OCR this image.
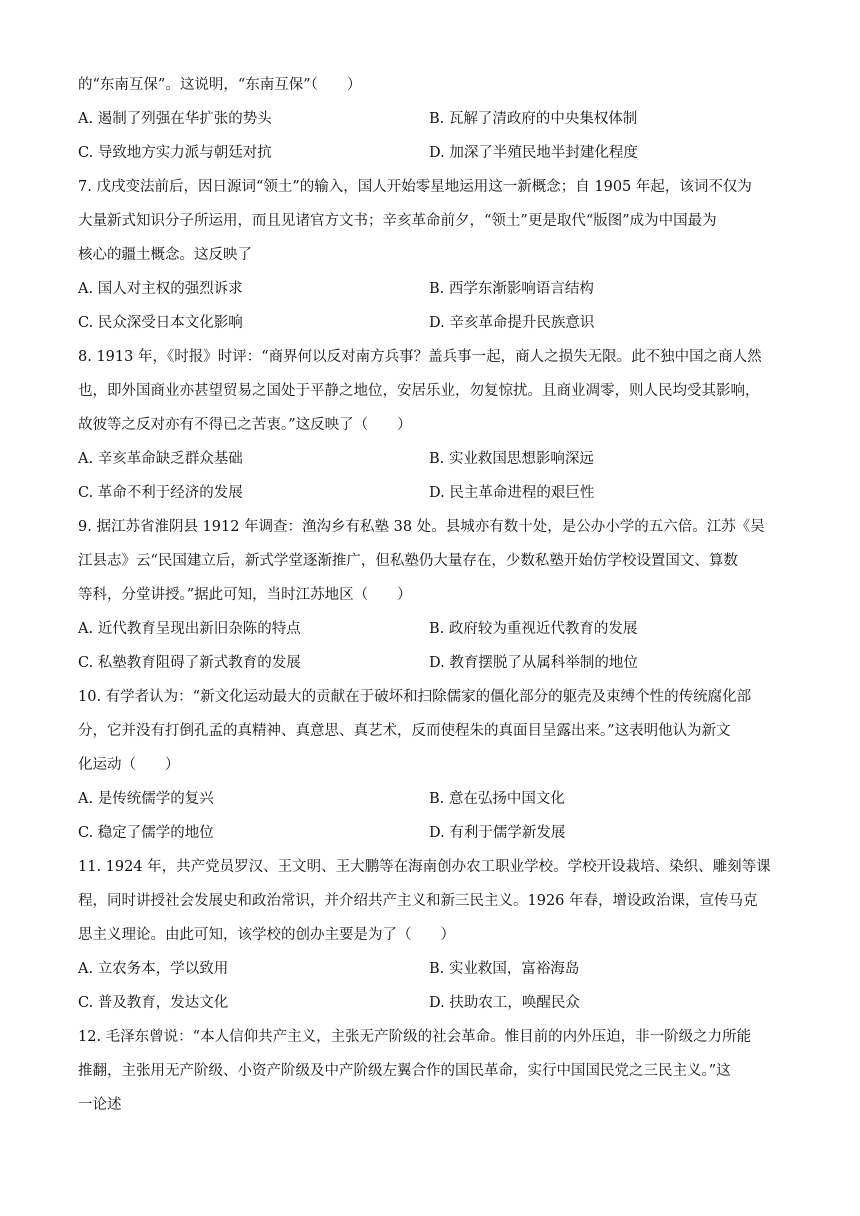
的“东南互保”。这说明，“东南互保”（　　）
A. 遏制了列强在华扩张的势头	B. 瓦解了清政府的中央集权体制
C. 导致地方实力派与朝廷对抗	D. 加深了半殖民地半封建化程度
7. 戊戌变法前后，因日源词“领土”的输入，国人开始零星地运用这一新概念；自 1905 年起，该词不仅为
大量新式知识分子所运用，而且见诸官方文书；辛亥革命前夕，“领土”更是取代“版图”成为中国最为
核心的疆土概念。这反映了
A. 国人对主权的强烈诉求	B. 西学东渐影响语言结构
C. 民众深受日本文化影响	D. 辛亥革命提升民族意识
8. 1913 年，《时报》时评：“商界何以反对南方兵事？盖兵事一起，商人之损失无限。此不独中国之商人然
也，即外国商业亦甚望贸易之国处于平静之地位，安居乐业，勿复惊扰。且商业凋零，则人民均受其影响，
故彼等之反对亦有不得已之苦衷。”这反映了（　　）
A. 辛亥革命缺乏群众基础	B. 实业救国思想影响深远
C. 革命不利于经济的发展	D. 民主革命进程的艰巨性
9. 据江苏省淮阴县 1912 年调查：渔沟乡有私塾 38 处。县城亦有数十处，是公办小学的五六倍。江苏《吴
江县志》云“民国建立后，新式学堂逐渐推广，但私塾仍大量存在，少数私塾开始仿学校设置国文、算数
等科，分堂讲授。”据此可知，当时江苏地区（　　）
A. 近代教育呈现出新旧杂陈的特点	B. 政府较为重视近代教育的发展
C. 私塾教育阻碍了新式教育的发展	D. 教育摆脱了从属科举制的地位
10. 有学者认为：“新文化运动最大的贡献在于破坏和扫除儒家的僵化部分的躯壳及束缚个性的传统腐化部
分，它并没有打倒孔孟的真精神、真意思、真艺术，反而使程朱的真面目呈露出来。”这表明他认为新文
化运动（　　）
A. 是传统儒学的复兴	B. 意在弘扬中国文化
C. 稳定了儒学的地位	D. 有利于儒学新发展
11. 1924 年，共产党员罗汉、王文明、王大鹏等在海南创办农工职业学校。学校开设栽培、染织、雕刻等课
程，同时讲授社会发展史和政治常识，并介绍共产主义和新三民主义。1926 年春，增设政治课，宣传马克
思主义理论。由此可知，该学校的创办主要是为了（　　）
A. 立农务本，学以致用	B. 实业救国，富裕海岛
C. 普及教育，发达文化	D. 扶助农工，唤醒民众
12. 毛泽东曾说：“本人信仰共产主义，主张无产阶级的社会革命。惟目前的内外压迫，非一阶级之力所能
推翻，主张用无产阶级、小资产阶级及中产阶级左翼合作的国民革命，实行中国国民党之三民主义。”这
一论述
